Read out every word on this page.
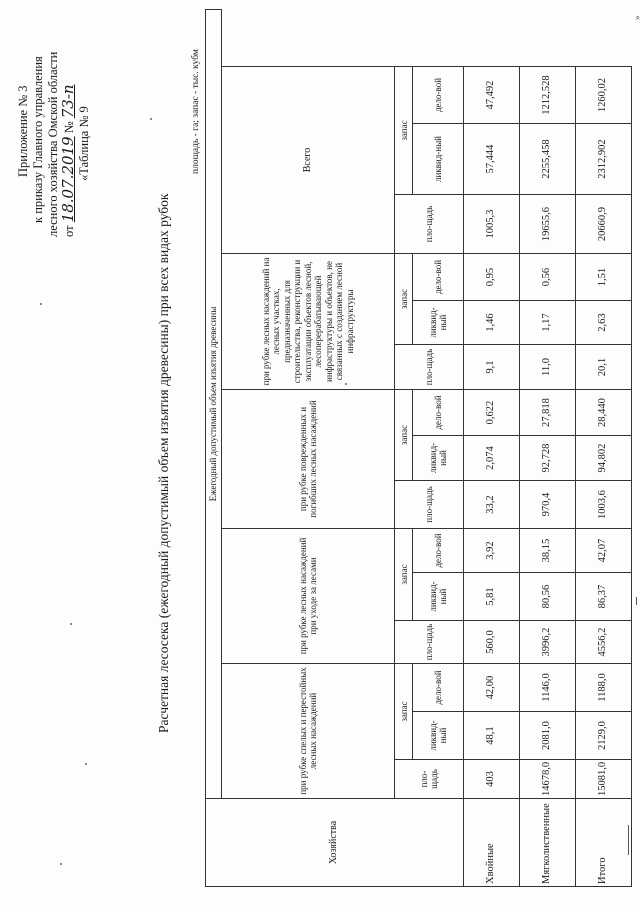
Приложение № 3 к приказу Главного управления лесного хозяйства Омской области от 18.07.2019 № 73-п
«Таблица № 9
Расчетная лесосека (ежегодный допустимый объем изъятия древесины) при всех видах рубок
площадь - га; запас - тыс. кубм
Хозяйства	Ежегодный допустимый объем изъятия древесины														
	при рубке спелых и перестойных лесных насаждений			при рубке лесных насаждений при уходе за лесами			при рубке поврежденных и погибших лесных насаждений			при рубке лесных насаждений на лесных участках, предназначенных для строительства, реконструкции и эксплуатации объектов лесной, лесоперерабатывающей инфраструктуры и объектов, не связанных с созданием лесной инфраструктуры			Всего		
	пло-щадь	запас		пло-щадь	запас		пло-щадь	запас		пло-щадь	запас		пло-щадь	запас	
		ликвид-ный	дело-вой		ликвид-ный	дело-вой		ликвид-ный	дело-вой		ликвид-ный	дело-вой		ликвид-ный	дело-вой
Хвойные	403	48,1	42,00	560,0	5,81	3,92	33,2	2,074	0,622	9,1	1,46	0,95	1005,3	57,444	47,492
Мягколиственные	14678,0	2081,0	1146,0	3996,2	80,56	38,15	970,4	92,728	27,818	11,0	1,17	0,56	19655,6	2255,458	1212,528
Итого	15081,0	2129,0	1188,0	4556,2	86,37	42,07	1003,6	94,802	28,440	20,1	2,63	1,51	20660,9	2312,902	1260,02
»
